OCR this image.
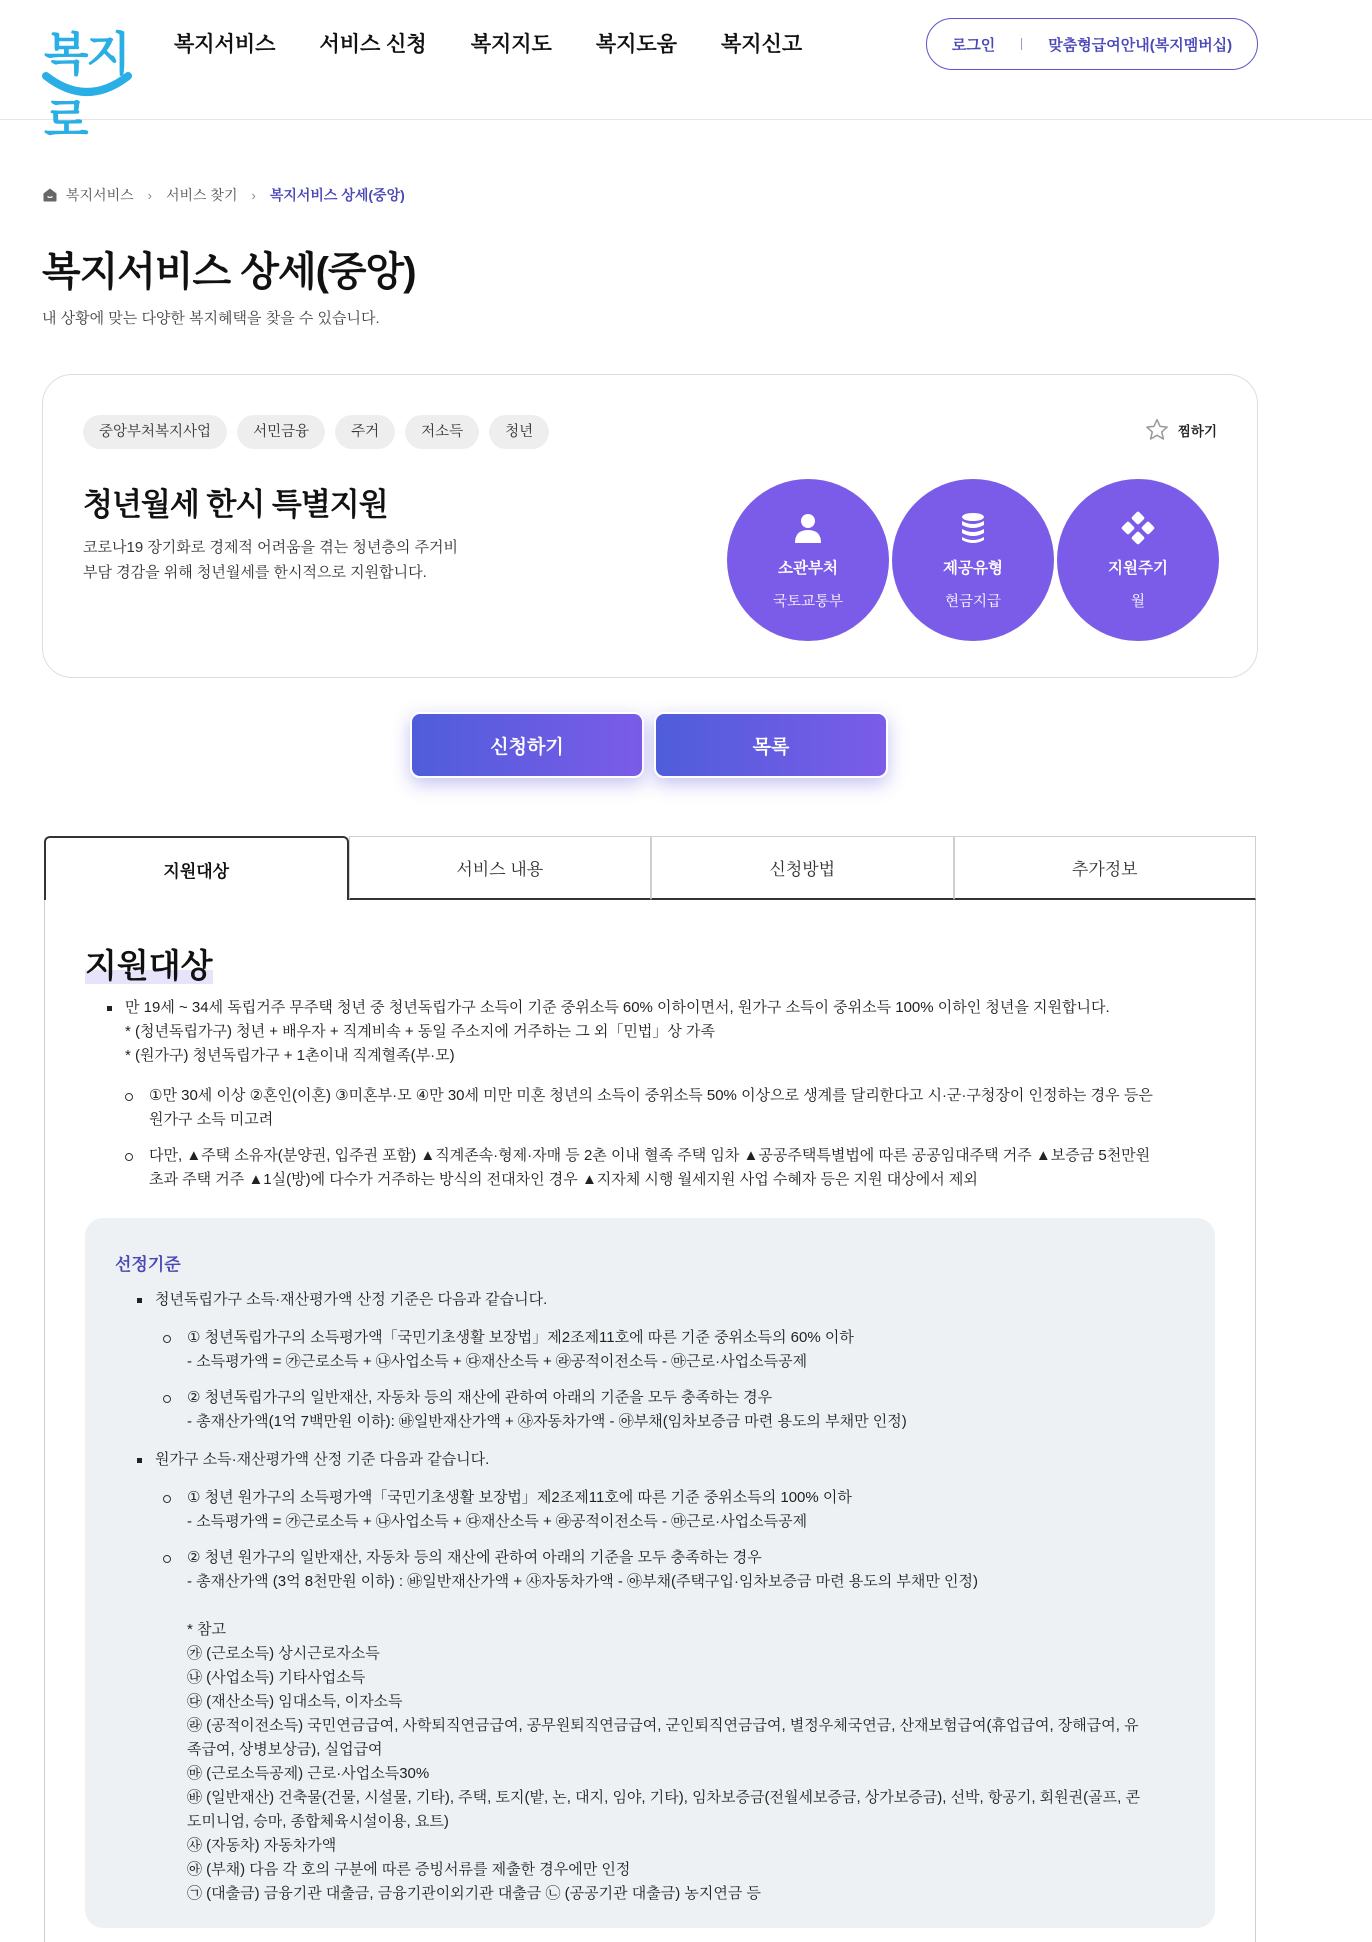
복지로
복지서비스 서비스 신청 복지지도 복지도움 복지신고	로그인	맞춤형급여안내(복지멤버십)
복지서비스 › 서비스 찾기 › 복지서비스 상세(중앙)
복지서비스 상세(중앙)

내 상황에 맞는 다양한 복지혜택을 찾을 수 있습니다.

중앙부처복지사업	서민금융	주거	저소득	청년	찜하기
청년월세 한시 특별지원
코로나19 장기화로 경제적 어려움을 겪는 청년층의 주거비
부담 경감을 위해 청년월세를 한시적으로 지원합니다.	소관부처
국토교통부
제공유형
현금지급
지원주기
월
신청하기	목록
지원대상	서비스 내용	신청방법	추가정보
지원대상
만 19세 ~ 34세 독립거주 무주택 청년 중 청년독립가구 소득이 기준 중위소득 60% 이하이면서, 원가구 소득이 중위소득 100% 이하인 청년을 지원합니다.
* (청년독립가구) 청년 + 배우자 + 직계비속 + 동일 주소지에 거주하는 그 외「민법」상 가족
* (원가구) 청년독립가구 + 1촌이내 직계혈족(부·모)
①만 30세 이상 ②혼인(이혼) ③미혼부·모 ④만 30세 미만 미혼 청년의 소득이 중위소득 50% 이상으로 생계를 달리한다고 시·군·구청장이 인정하는 경우 등은 원가구 소득 미고려
다만, ▲주택 소유자(분양권, 입주권 포함) ▲직계존속·형제·자매 등 2촌 이내 혈족 주택 임차 ▲공공주택특별법에 따른 공공임대주택 거주 ▲보증금 5천만원 초과 주택 거주 ▲1실(방)에 다수가 거주하는 방식의 전대차인 경우 ▲지자체 시행 월세지원 사업 수혜자 등은 지원 대상에서 제외
선정기준
청년독립가구 소득·재산평가액 산정 기준은 다음과 같습니다.
① 청년독립가구의 소득평가액「국민기초생활 보장법」제2조제11호에 따른 기준 중위소득의 60% 이하
- 소득평가액 = ㉮근로소득 + ㉯사업소득 + ㉰재산소득 + ㉱공적이전소득 - ㉲근로·사업소득공제
② 청년독립가구의 일반재산, 자동차 등의 재산에 관하여 아래의 기준을 모두 충족하는 경우
- 총재산가액(1억 7백만원 이하): ㉳일반재산가액 + ㉴자동차가액 - ㉵부채(임차보증금 마련 용도의 부채만 인정)
원가구 소득·재산평가액 산정 기준 다음과 같습니다.
① 청년 원가구의 소득평가액「국민기초생활 보장법」제2조제11호에 따른 기준 중위소득의 100% 이하
- 소득평가액 = ㉮근로소득 + ㉯사업소득 + ㉰재산소득 + ㉱공적이전소득 - ㉲근로·사업소득공제
② 청년 원가구의 일반재산, 자동차 등의 재산에 관하여 아래의 기준을 모두 충족하는 경우
- 총재산가액 (3억 8천만원 이하) : ㉳일반재산가액 + ㉴자동차가액 - ㉵부채(주택구입·임차보증금 마련 용도의 부채만 인정)
* 참고
㉮ (근로소득) 상시근로자소득
㉯ (사업소득) 기타사업소득
㉰ (재산소득) 임대소득, 이자소득
㉱ (공적이전소득) 국민연금급여, 사학퇴직연금급여, 공무원퇴직연금급여, 군인퇴직연금급여, 별정우체국연금, 산재보험급여(휴업급여, 장해급여, 유족급여, 상병보상금), 실업급여
㉲ (근로소득공제) 근로·사업소득30%
㉳ (일반재산) 건축물(건물, 시설물, 기타), 주택, 토지(밭, 논, 대지, 임야, 기타), 임차보증금(전월세보증금, 상가보증금), 선박, 항공기, 회원권(골프, 콘도미니엄, 승마, 종합체육시설이용, 요트)
㉴ (자동차) 자동차가액
㉵ (부채) 다음 각 호의 구분에 따른 증빙서류를 제출한 경우에만 인정
㉠ (대출금) 금융기관 대출금, 금융기관이외기관 대출금 ㉡ (공공기관 대출금) 농지연금 등
